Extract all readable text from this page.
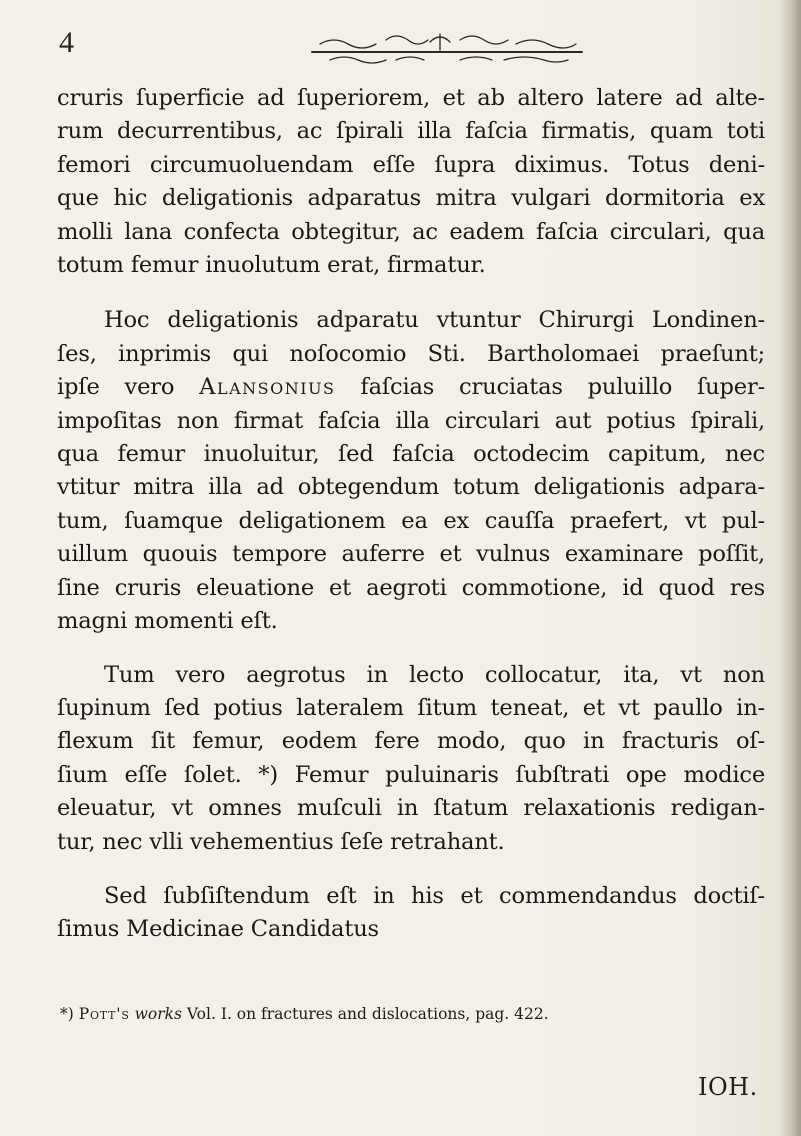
4
cruris ſuperficie ad ſuperiorem, et ab altero latere ad alte-
rum decurrentibus, ac ſpirali illa faſcia firmatis, quam toti
femori circumuoluendam eſſe ſupra diximus. Totus deni-
que hic deligationis adparatus mitra vulgari dormitoria ex
molli lana confecta obtegitur, ac eadem faſcia circulari, qua
totum femur inuolutum erat, firmatur.
Hoc deligationis adparatu vtuntur Chirurgi Londinen-
ſes, inprimis qui noſocomio Sti. Bartholomaei praeſunt;
ipſe vero Alansonius faſcias cruciatas puluillo ſuper-
impoſitas non firmat faſcia illa circulari aut potius ſpirali,
qua femur inuoluitur, ſed faſcia octodecim capitum, nec
vtitur mitra illa ad obtegendum totum deligationis adpara-
tum, ſuamque deligationem ea ex cauſſa praefert, vt pul-
uillum quouis tempore auferre et vulnus examinare poſſit,
ſine cruris eleuatione et aegroti commotione, id quod res
magni momenti eſt.
Tum vero aegrotus in lecto collocatur, ita, vt non
ſupinum ſed potius lateralem ſitum teneat, et vt paullo in-
flexum ſit femur, eodem fere modo, quo in fracturis oſ-
ſium eſſe ſolet. *) Femur puluinaris ſubſtrati ope modice
eleuatur, vt omnes muſculi in ſtatum relaxationis redigan-
tur, nec vlli vehementius ſeſe retrahant.
Sed ſubſiſtendum eſt in his et commendandus doctiſ-
ſimus Medicinae Candidatus
*) Pott's works Vol. I. on fractures and dislocations, pag. 422.
IOH.
